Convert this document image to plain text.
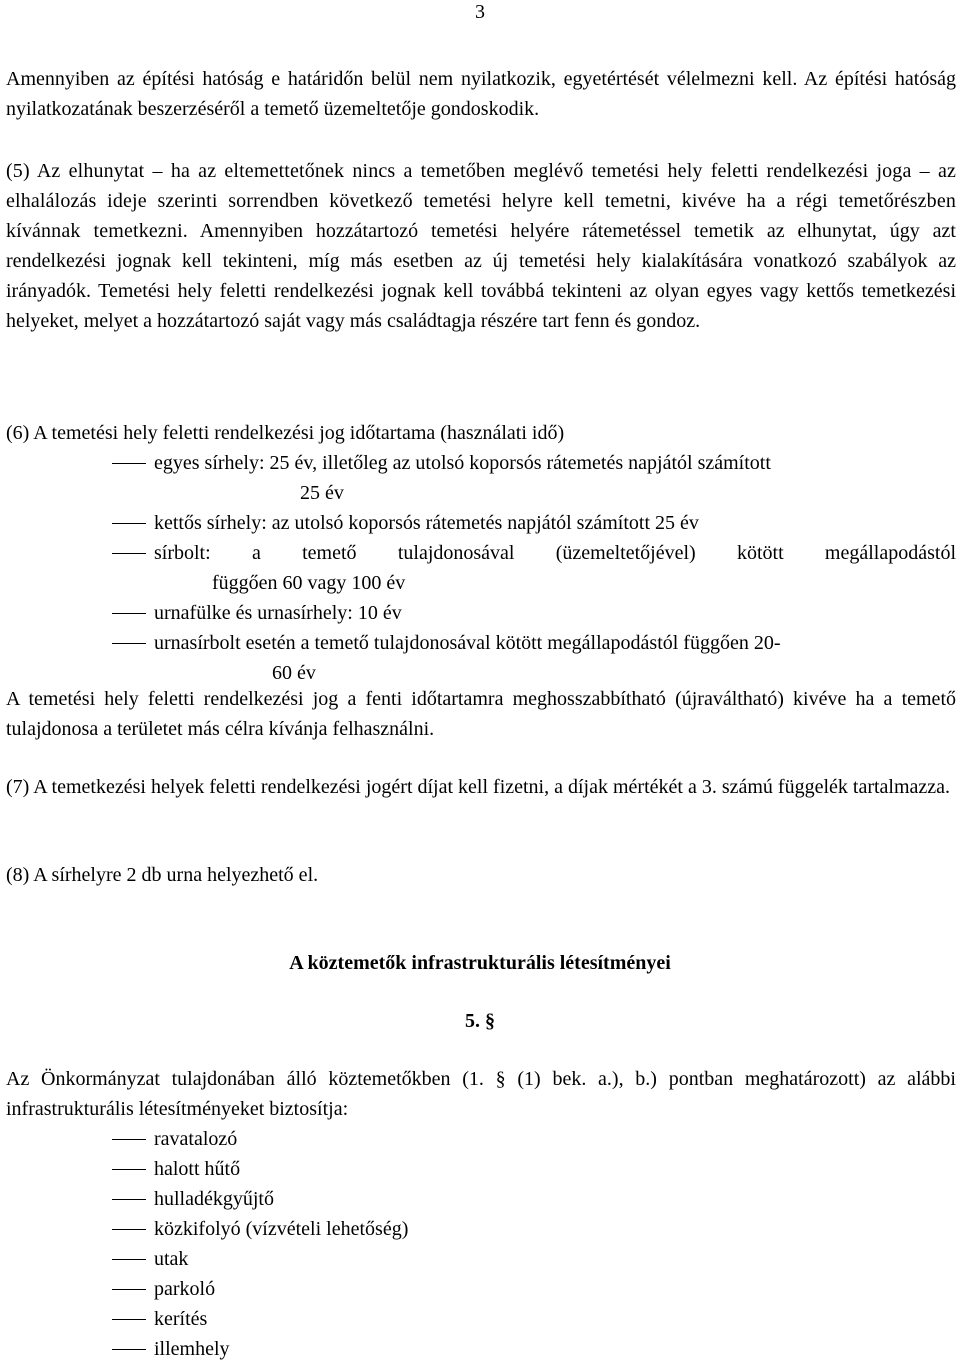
3
Amennyiben az építési hatóság e határidőn belül nem nyilatkozik, egyetértését vélelmezni kell. Az építési hatóság nyilatkozatának beszerzéséről a temető üzemeltetője gondoskodik.
(5) Az elhunytat – ha az eltemettetőnek nincs a temetőben meglévő temetési hely feletti rendelkezési joga – az elhalálozás ideje szerinti sorrendben következő temetési helyre kell temetni, kivéve ha a régi temetőrészben kívánnak temetkezni. Amennyiben hozzátartozó temetési helyére rátemetéssel temetik az elhunytat, úgy azt rendelkezési jognak kell tekinteni, míg más esetben az új temetési hely kialakítására vonatkozó szabályok az irányadók. Temetési hely feletti rendelkezési jognak kell továbbá tekinteni az olyan egyes vagy kettős temetkezési helyeket, melyet a hozzátartozó saját vagy más családtagja részére tart fenn és gondoz.
(6) A temetési hely feletti rendelkezési jog időtartama (használati idő)
egyes sírhely: 25 év, illetőleg az utolsó koporsós rátemetés napjától számított
25 év
kettős sírhely: az utolsó koporsós rátemetés napjától számított 25 év
sírbolt: a temető tulajdonosával (üzemeltetőjével) kötött megállapodástól
függően 60 vagy 100 év
urnafülke és urnasírhely: 10 év
urnasírbolt esetén a temető tulajdonosával kötött megállapodástól függően 20-
60 év
A temetési hely feletti rendelkezési jog a fenti időtartamra meghosszabbítható (újraváltható) kivéve ha a temető tulajdonosa a területet más célra kívánja felhasználni.
(7) A temetkezési helyek feletti rendelkezési jogért díjat kell fizetni, a díjak mértékét a 3. számú függelék tartalmazza.
(8) A sírhelyre 2 db urna helyezhető el.
A köztemetők infrastrukturális létesítményei
5. §
Az Önkormányzat tulajdonában álló köztemetőkben (1. § (1) bek. a.), b.) pontban meghatározott) az alábbi infrastrukturális létesítményeket biztosítja:
ravatalozó
halott hűtő
hulladékgyűjtő
közkifolyó (vízvételi lehetőség)
utak
parkoló
kerítés
illemhely
